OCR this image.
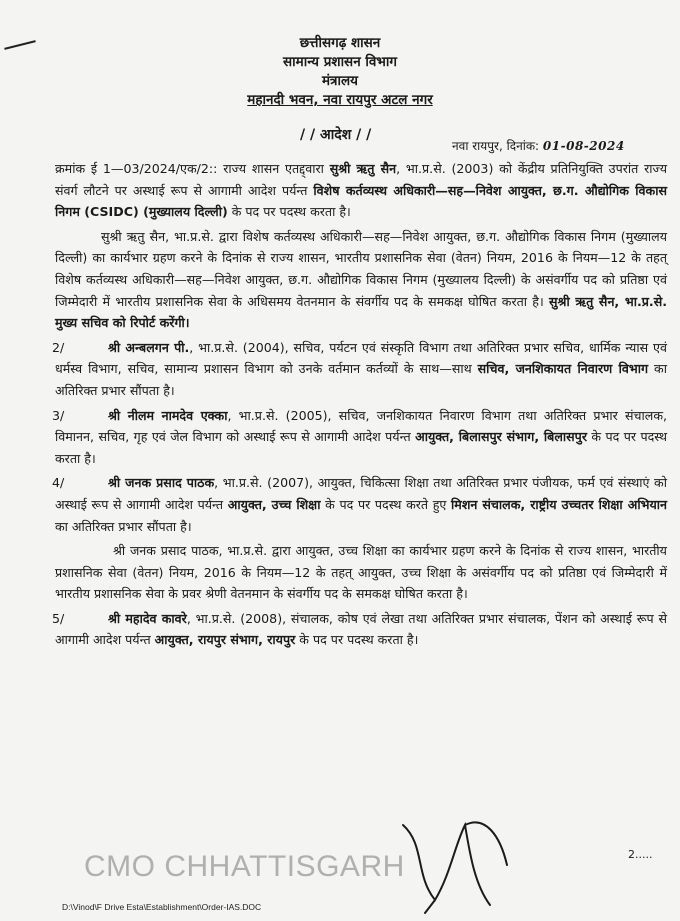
छत्तीसगढ़ शासन
सामान्य प्रशासन विभाग
मंत्रालय
महानदी भवन, नवा रायपुर अटल नगर
/ / आदेश / /
नवा रायपुर, दिनांक: 01-08-2024

क्रमांक ई 1—03/2024/एक/2:: राज्य शासन एतद्द्वारा सुश्री ऋतु सैन, भा.प्र.से. (2003) को केंद्रीय प्रतिनियुक्ति उपरांत राज्य संवर्ग लौटने पर अस्थाई रूप से आगामी आदेश पर्यन्त विशेष कर्तव्यस्थ अधिकारी—सह—निवेश आयुक्त, छ.ग. औद्योगिक विकास निगम (CSIDC) (मुख्यालय दिल्ली) के पद पर पदस्थ करता है।

सुश्री ऋतु सैन, भा.प्र.से. द्वारा विशेष कर्तव्यस्थ अधिकारी—सह—निवेश आयुक्त, छ.ग. औद्योगिक विकास निगम (मुख्यालय दिल्ली) का कार्यभार ग्रहण करने के दिनांक से राज्य शासन, भारतीय प्रशासनिक सेवा (वेतन) नियम, 2016 के नियम—12 के तहत् विशेष कर्तव्यस्थ अधिकारी—सह—निवेश आयुक्त, छ.ग. औद्योगिक विकास निगम (मुख्यालय दिल्ली) के असंवर्गीय पद को प्रतिष्ठा एवं जिम्मेदारी में भारतीय प्रशासनिक सेवा के अधिसमय वेतनमान के संवर्गीय पद के समकक्ष घोषित करता है। सुश्री ऋतु सैन, भा.प्र.से. मुख्य सचिव को रिपोर्ट करेंगी।

2/	श्री अन्बलगन पी., भा.प्र.से. (2004), सचिव, पर्यटन एवं संस्कृति विभाग तथा अतिरिक्त प्रभार सचिव, धार्मिक न्यास एवं धर्मस्व विभाग, सचिव, सामान्य प्रशासन विभाग को उनके वर्तमान कर्तव्यों के साथ—साथ सचिव, जनशिकायत निवारण विभाग का अतिरिक्त प्रभार सौंपता है।

3/	श्री नीलम नामदेव एक्का, भा.प्र.से. (2005), सचिव, जनशिकायत निवारण विभाग तथा अतिरिक्त प्रभार संचालक, विमानन, सचिव, गृह एवं जेल विभाग को अस्थाई रूप से आगामी आदेश पर्यन्त आयुक्त, बिलासपुर संभाग, बिलासपुर के पद पर पदस्थ करता है।

4/	श्री जनक प्रसाद पाठक, भा.प्र.से. (2007), आयुक्त, चिकित्सा शिक्षा तथा अतिरिक्त प्रभार पंजीयक, फर्म एवं संस्थाएं को अस्थाई रूप से आगामी आदेश पर्यन्त आयुक्त, उच्च शिक्षा के पद पर पदस्थ करते हुए मिशन संचालक, राष्ट्रीय उच्चतर शिक्षा अभियान का अतिरिक्त प्रभार सौंपता है।

श्री जनक प्रसाद पाठक, भा.प्र.से. द्वारा आयुक्त, उच्च शिक्षा का कार्यभार ग्रहण करने के दिनांक से राज्य शासन, भारतीय प्रशासनिक सेवा (वेतन) नियम, 2016 के नियम—12 के तहत् आयुक्त, उच्च शिक्षा के असंवर्गीय पद को प्रतिष्ठा एवं जिम्मेदारी में भारतीय प्रशासनिक सेवा के प्रवर श्रेणी वेतनमान के संवर्गीय पद के समकक्ष घोषित करता है।

5/	श्री महादेव कावरे, भा.प्र.से. (2008), संचालक, कोष एवं लेखा तथा अतिरिक्त प्रभार संचालक, पेंशन को अस्थाई रूप से आगामी आदेश पर्यन्त आयुक्त, रायपुर संभाग, रायपुर के पद पर पदस्थ करता है।

CMO CHHATTISGARH	2.....
D:\Vinod\F Drive Esta\Establishment\Order-IAS.DOC
